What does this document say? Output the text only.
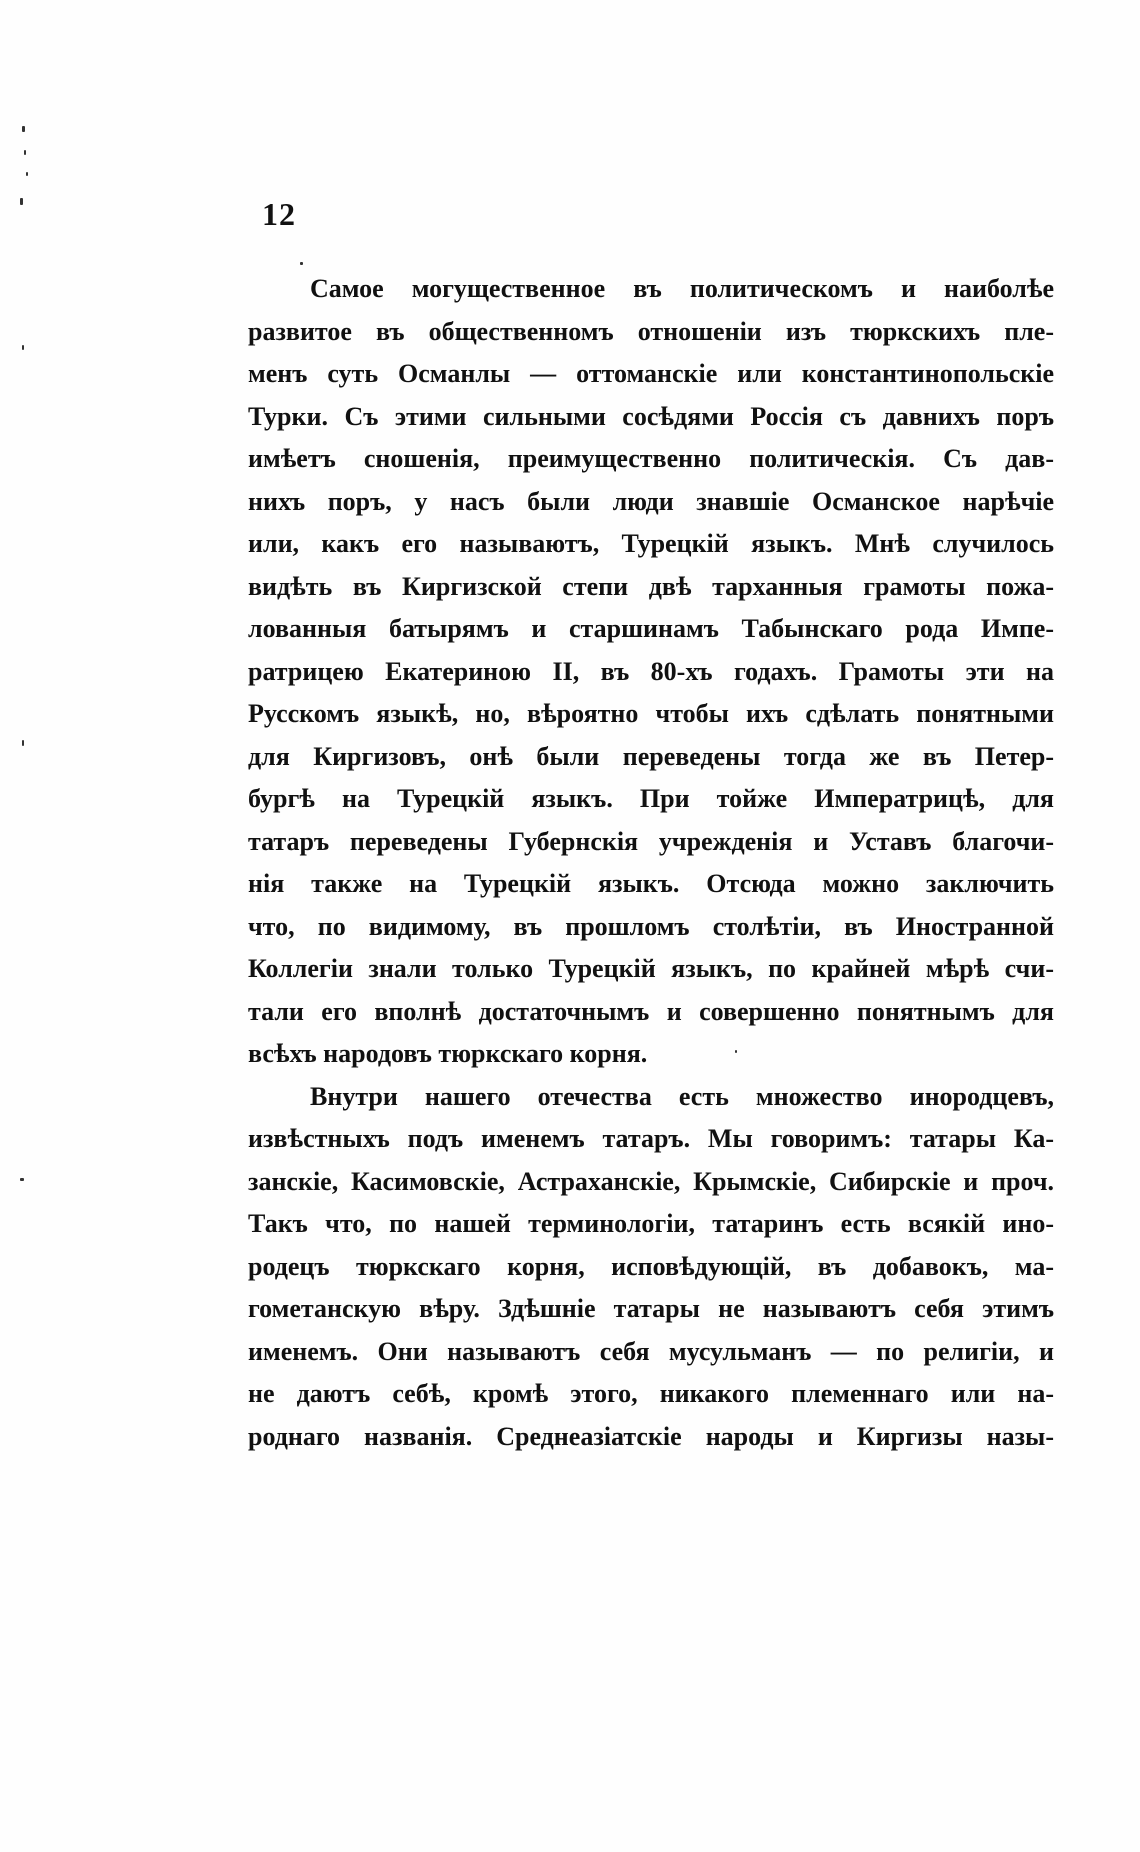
12
Самое могущественное въ политическомъ и наиболѣе
развитое въ общественномъ отношеніи изъ тюркскихъ пле-
менъ суть Османлы — оттоманскіе или константинопольскіе
Турки. Съ этими сильными сосѣдями Россія съ давнихъ поръ
имѣетъ сношенія, преимущественно политическія. Съ дав-
нихъ поръ, у насъ были люди знавшіе Османское нарѣчіе
или, какъ его называютъ, Турецкій языкъ. Мнѣ случилось
видѣть въ Киргизской степи двѣ тарханныя грамоты пожа-
лованныя батырямъ и старшинамъ Табынскаго рода Импе-
ратрицею Екатериною II, въ 80-хъ годахъ. Грамоты эти на
Русскомъ языкѣ, но, вѣроятно чтобы ихъ сдѣлать понятными
для Киргизовъ, онѣ были переведены тогда же въ Петер-
бургѣ на Турецкій языкъ. При тойже Императрицѣ, для
татаръ переведены Губернскія учрежденія и Уставъ благочи-
нія также на Турецкій языкъ. Отсюда можно заключить
что, по видимому, въ прошломъ столѣтіи, въ Иностранной
Коллегіи знали только Турецкій языкъ, по крайней мѣрѣ счи-
тали его вполнѣ достаточнымъ и совершенно понятнымъ для
всѣхъ народовъ тюркскаго корня.
Внутри нашего отечества есть множество инородцевъ,
извѣстныхъ подъ именемъ татаръ. Мы говоримъ: татары Ка-
занскіе, Касимовскіе, Астраханскіе, Крымскіе, Сибирскіе и проч.
Такъ что, по нашей терминологіи, татаринъ есть всякій ино-
родецъ тюркскаго корня, исповѣдующій, въ добавокъ, ма-
гометанскую вѣру. Здѣшніе татары не называютъ себя этимъ
именемъ. Они называютъ себя мусульманъ — по религіи, и
не даютъ себѣ, кромѣ этого, никакого племеннаго или на-
роднаго названія. Среднеазіатскіе народы и Киргизы назы-
